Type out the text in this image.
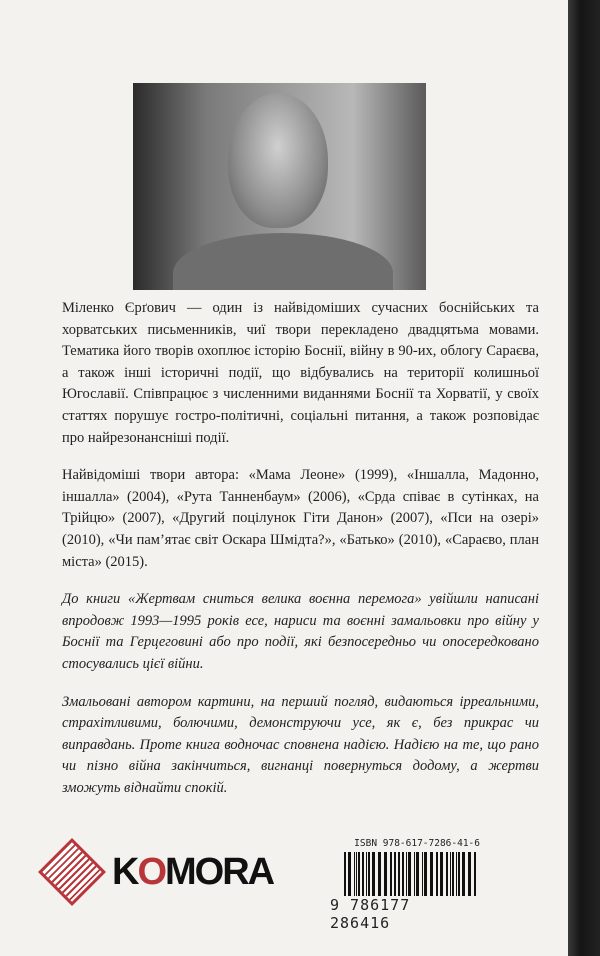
Міленко Єрґович — один із найвідоміших сучасних боснійських та хорватських письменників, чиї твори перекладено двадцятьма мовами. Тематика його творів охоплює історію Боснії, війну в 90-их, облогу Сараєва, а також інші історичні події, що відбувались на території колишньої Югославії. Співпрацює з численними виданнями Боснії та Хорватії, у своїх статтях порушує гостро-політичні, соціальні питання, а також розповідає про найрезонансніші події.

Найвідоміші твори автора: «Мама Леоне» (1999), «Іншалла, Мадонно, іншалла» (2004), «Рута Танненбаум» (2006), «Срда співає в сутінках, на Трійцю» (2007), «Другий поцілунок Гіти Данон» (2007), «Пси на озері» (2010), «Чи пам’ятає світ Оскара Шмідта?», «Батько» (2010), «Сараєво, план міста» (2015).

До книги «Жертвам сниться велика воєнна перемога» увійшли написані впродовж 1993—1995 років есе, нариси та воєнні замальовки про війну у Боснії та Герцеговині або про події, які безпосередньо чи опосередковано стосувались цієї війни.

Змальовані автором картини, на перший погляд, видаються ірреальними, страхітливими, болючими, демонструючи усе, як є, без прикрас чи виправдань. Проте книга водночас сповнена надією. Надією на те, що рано чи пізно війна закінчиться, вигнанці повернуться додому, а жертви зможуть віднайти спокій.

KOMORA
ISBN 978-617-7286-41-6
9 786177 286416
